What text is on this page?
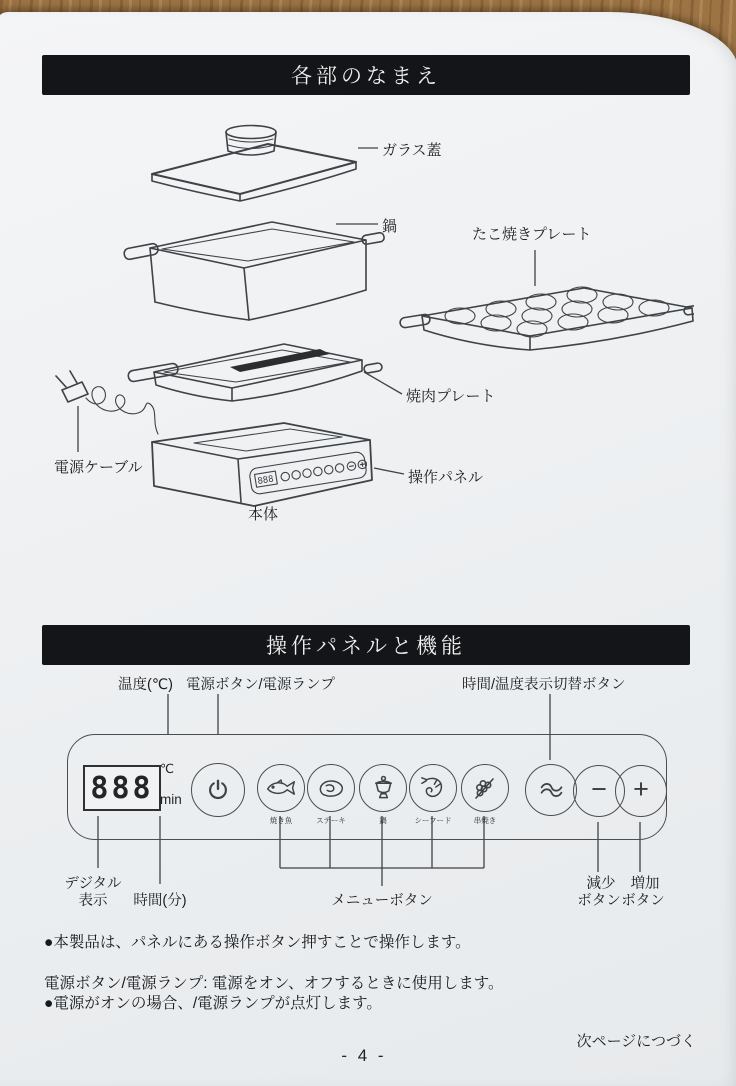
各部のなまえ
888
ガラス蓋
鍋	たこ焼きプレート
焼肉プレート
電源ケーブル
操作パネル
本体
操作パネルと機能
温度(℃) 電源ボタン/電源ランプ	時間/温度表示切替ボタン
888
℃
min
焼き魚	ステーキ	鍋	シーフード	串焼き
− +
デジタル
表示	時間(分)	メニューボタン
減少
ボタン
増加
ボタン
●本製品は、パネルにある操作ボタン押すことで操作します。
電源ボタン/電源ランプ: 電源をオン、オフするときに使用します。
●電源がオンの場合、/電源ランプが点灯します。
次ページにつづく
- 4 -
